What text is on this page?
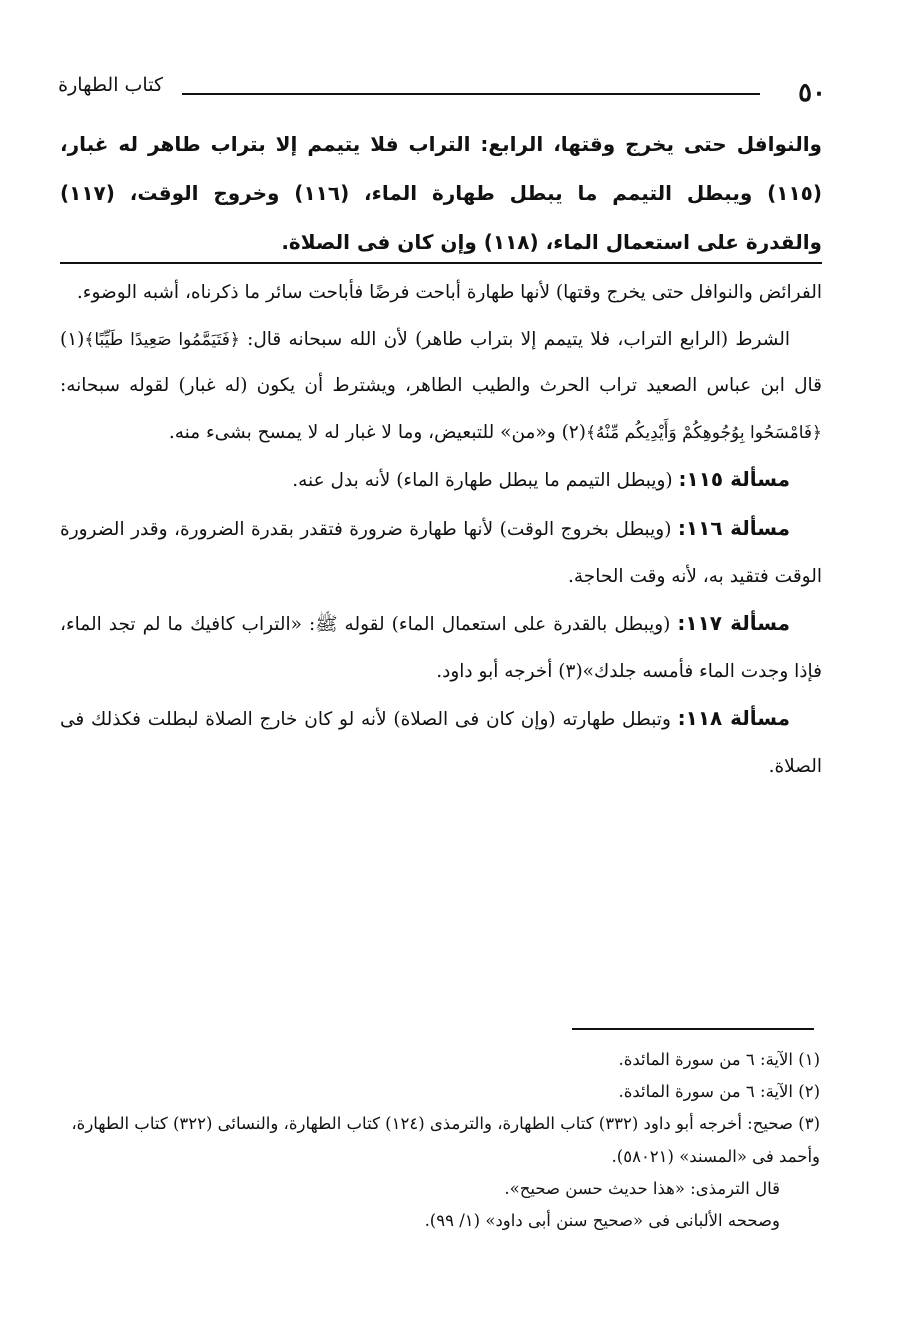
كتاب الطهارة	٥٠
والنوافل حتى يخرج وقتها، الرابع: التراب فلا يتيمم إلا بتراب طاهر له غبار، (١١٥) ويبطل التيمم ما يبطل طهارة الماء، (١١٦) وخروج الوقت، (١١٧) والقدرة على استعمال الماء، (١١٨) وإن كان فى الصلاة.

الفرائض والنوافل حتى يخرج وقتها) لأنها طهارة أباحت فرضًا فأباحت سائر ما ذكرناه، أشبه الوضوء.

الشرط (الرابع التراب، فلا يتيمم إلا بتراب طاهر) لأن الله سبحانه قال: ﴿فَتَيَمَّمُوا صَعِيدًا طَيِّبًا﴾(١) قال ابن عباس الصعيد تراب الحرث والطيب الطاهر، ويشترط أن يكون (له غبار) لقوله سبحانه: ﴿فَامْسَحُوا بِوُجُوهِكُمْ وَأَيْدِيكُم مِّنْهُ﴾(٢) و«من» للتبعيض، وما لا غبار له لا يمسح بشىء منه.

مسألة ١١٥: (ويبطل التيمم ما يبطل طهارة الماء) لأنه بدل عنه.

مسألة ١١٦: (ويبطل بخروج الوقت) لأنها طهارة ضرورة فتقدر بقدرة الضرورة، وقدر الضرورة الوقت فتقيد به، لأنه وقت الحاجة.

مسألة ١١٧: (ويبطل بالقدرة على استعمال الماء) لقوله ﷺ: «التراب كافيك ما لم تجد الماء، فإذا وجدت الماء فأمسه جلدك»(٣) أخرجه أبو داود.

مسألة ١١٨: وتبطل طهارته (وإن كان فى الصلاة) لأنه لو كان خارج الصلاة لبطلت فكذلك فى الصلاة.

(١) الآية: ٦ من سورة المائدة.

(٢) الآية: ٦ من سورة المائدة.

(٣) صحيح: أخرجه أبو داود (٣٣٢) كتاب الطهارة، والترمذى (١٢٤) كتاب الطهارة، والنسائى (٣٢٢) كتاب الطهارة، وأحمد فى «المسند» (٥٨٠٢١).

قال الترمذى: «هذا حديث حسن صحيح».

وصححه الألبانى فى «صحيح سنن أبى داود» (١/ ٩٩).
